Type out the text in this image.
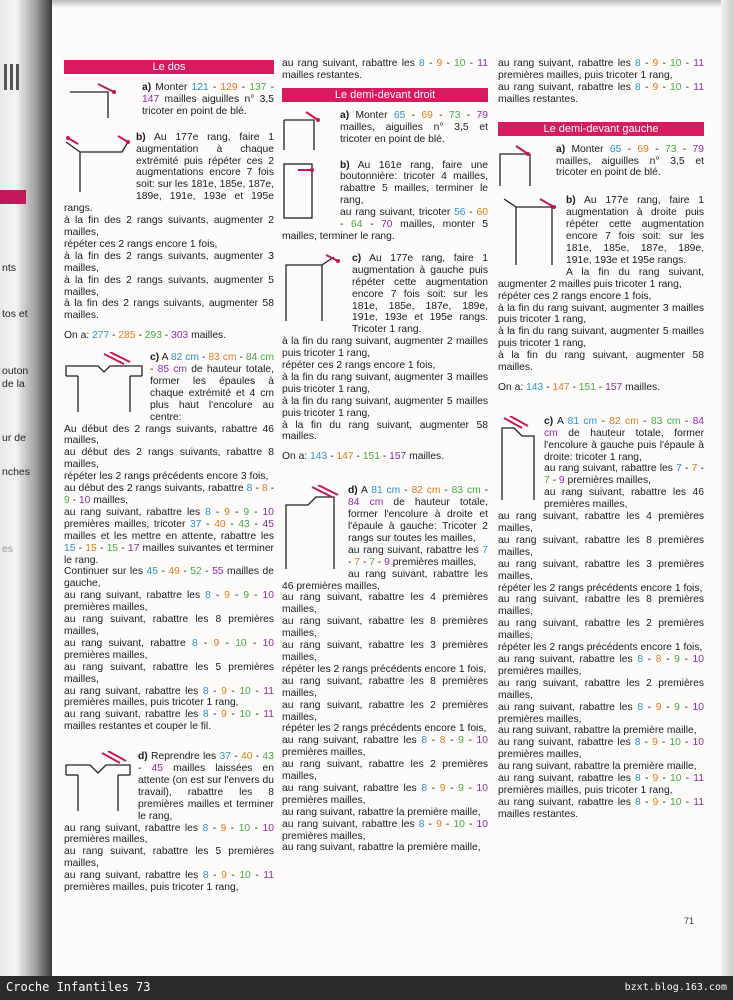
nts
tos et
outon
de la
ur de
nches
es
Le dos
a) Monter 121 - 129 - 137 - 147 mailles aiguilles n° 3,5 tricoter en point de blé.
b) Au 177e rang, faire 1 augmentation à chaque extrémité puis répéter ces 2 augmentations encore 7 fois soit: sur les 181e, 185e, 187e, 189e, 191e, 193e et 195e rangs.
à la fin des 2 rangs suivants, augmenter 2 mailles,
répéter ces 2 rangs encore 1 fois,
à la fin des 2 rangs suivants, augmenter 3 mailles,
à la fin des 2 rangs suivants, augmenter 5 mailles,
à la fin des 2 rangs suivants, augmenter 58 mailles.
On a: 277 - 285 - 293 - 303 mailles.
c) A 82 cm - 83 cm - 84 cm - 85 cm de hauteur totale, former les épaules à chaque extrémité et 4 cm plus haut l'encolure au centre:
Au début des 2 rangs suivants, rabattre 46 mailles,
au début des 2 rangs suivants, rabattre 8 mailles,
répéter les 2 rangs précédents encore 3 fois,
au début des 2 rangs suivants, rabattre 8 - 8 - 9 - 10 mailles,
au rang suivant, rabattre les 8 - 9 - 9 - 10 premières mailles, tricoter 37 - 40 - 43 - 45 mailles et les mettre en attente, rabattre les 15 - 15 - 15 - 17 mailles suivantes et terminer le rang.
Continuer sur les 45 - 49 - 52 - 55 mailles de gauche,
au rang suivant, rabattre les 8 - 9 - 9 - 10 premières mailles,
au rang suivant, rabattre les 8 premières mailles,
au rang suivant, rabattre 8 - 9 - 10 - 10 premières mailles,
au rang suivant, rabattre les 5 premières mailles,
au rang suivant, rabattre les 8 - 9 - 10 - 11 premières mailles, puis tricoter 1 rang,
au rang suivant, rabattre les 8 - 9 - 10 - 11 mailles restantes et couper le fil.
d) Reprendre les 37 - 40 - 43 - 45 mailles laissées en attente (on est sur l'envers du travail), rabattre les 8 premières mailles et terminer le rang,
au rang suivant, rabattre les 8 - 9 - 10 - 10 premières mailles,
au rang suivant, rabattre les 5 premières mailles,
au rang suivant, rabattre les 8 - 9 - 10 - 11 premières mailles, puis tricoter 1 rang,
au rang suivant, rabattre les 8 - 9 - 10 - 11 mailles restantes.
Le demi-devant droit
a) Monter 65 - 69 - 73 - 79 mailles, aiguilles n° 3,5 et tricoter en point de blé.
b) Au 161e rang, faire une boutonnière: tricoter 4 mailles, rabattre 5 mailles, terminer le rang,
au rang suivant, tricoter 56 - 60 - 64 - 70 mailles, monter 5 mailles, terminer le rang.
c) Au 177e rang, faire 1 augmentation à gauche puis répéter cette augmentation encore 7 fois soit: sur les 181e, 185e, 187e, 189e, 191e, 193e et 195e rangs. Tricoter 1 rang.
à la fin du rang suivant, augmenter 2 mailles puis tricoter 1 rang,
répéter ces 2 rangs encore 1 fois,
à la fin du rang suivant, augmenter 3 mailles puis tricoter 1 rang,
à la fin du rang suivant, augmenter 5 mailles puis tricoter 1 rang,
à la fin du rang suivant, augmenter 58 mailles.
On a: 143 - 147 - 151 - 157 mailles.
d) A 81 cm - 82 cm - 83 cm - 84 cm de hauteur totale, former l'encolure à droite et l'épaule à gauche: Tricoter 2 rangs sur toutes les mailles,
au rang suivant, rabattre les 7 - 7 - 7 - 9 premières mailles,
au rang suivant, rabattre les 46 premières mailles,
au rang suivant, rabattre les 4 premières mailles,
au rang suivant, rabattre les 8 premières mailles,
au rang suivant, rabattre les 3 premières mailles,
répéter les 2 rangs précédents encore 1 fois,
au rang suivant, rabattre les 8 premières mailles,
au rang suivant, rabattre les 2 premières mailles,
répéter les 2 rangs précédents encore 1 fois,
au rang suivant, rabattre les 8 - 8 - 9 - 10 premières mailles,
au rang suivant, rabattre les 2 premières mailles,
au rang suivant, rabattre les 8 - 9 - 9 - 10 premières mailles,
au rang suivant, rabattre la première maille,
au rang suivant, rabattre les 8 - 9 - 10 - 10 premières mailles,
au rang suivant, rabattre la première maille,
au rang suivant, rabattre les 8 - 9 - 10 - 11 premières mailles, puis tricoter 1 rang,
au rang suivant, rabattre les 8 - 9 - 10 - 11 mailles restantes.
Le demi-devant gauche
a) Monter 65 - 69 - 73 - 79 mailles, aiguilles n° 3,5 et tricoter en point de blé.
b) Au 177e rang, faire 1 augmentation à droite puis répéter cette augmentation encore 7 fois soit: sur les 181e, 185e, 187e, 189e, 191e, 193e et 195e rangs.
A la fin du rang suivant, augmenter 2 mailles puis tricoter 1 rang,
répéter ces 2 rangs encore 1 fois,
à la fin du rang suivant, augmenter 3 mailles puis tricoter 1 rang,
à la fin du rang suivant, augmenter 5 mailles puis tricoter 1 rang,
à la fin du rang suivant, augmenter 58 mailles.
On a: 143 - 147 - 151 - 157 mailles.
c) A 81 cm - 82 cm - 83 cm - 84 cm de hauteur totale, former l'encolure à gauche puis l'épaule à droite: tricoter 1 rang,
au rang suivant, rabattre les 7 - 7 - 7 - 9 premières mailles,
au rang suivant, rabattre les 46 premières mailles,
au rang suivant, rabattre les 4 premières mailles,
au rang suivant, rabattre les 8 premières mailles,
au rang suivant, rabattre les 3 premières mailles,
répéter les 2 rangs précédents encore 1 fois,
au rang suivant, rabattre les 8 premières mailles,
au rang suivant, rabattre les 2 premières mailles,
répéter les 2 rangs précédents encore 1 fois,
au rang suivant, rabattre les 8 - 8 - 9 - 10 premières mailles,
au rang suivant, rabattre les 2 premières mailles,
au rang suivant, rabattre les 8 - 9 - 9 - 10 premières mailles,
au rang suivant, rabattre la première maille,
au rang suivant, rabattre les 8 - 9 - 10 - 10 premières mailles,
au rang suivant, rabattre la première maille,
au rang suivant, rabattre les 8 - 9 - 10 - 11 premières mailles, puis tricoter 1 rang,
au rang suivant, rabattre les 8 - 9 - 10 - 11 mailles restantes.
71
Croche Infantiles 73	bzxt.blog.163.com
